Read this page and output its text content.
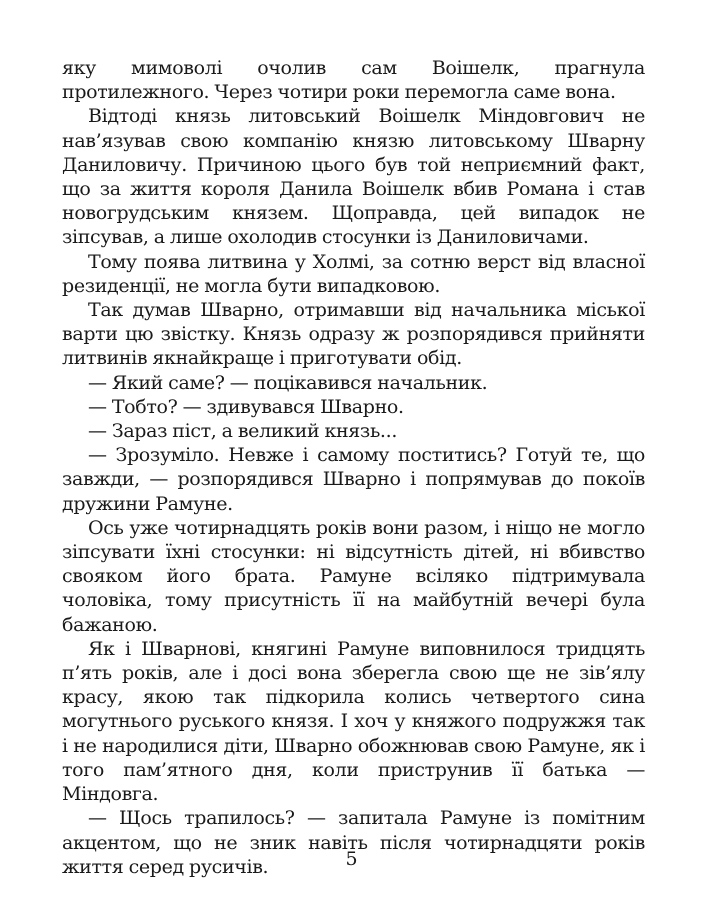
яку мимоволі очолив сам Воішелк, прагнула протилежного. Через чотири роки перемогла саме вона.

Відтоді князь литовський Воішелк Міндовгович не нав’язував свою компанію князю литовському Шварну Даниловичу. Причиною цього був той неприємний факт, що за життя короля Данила Воішелк вбив Романа і став новогрудським князем. Щоправда, цей випадок не зіпсував, а лише охолодив стосунки із Даниловичами.

Тому поява литвина у Холмі, за сотню верст від власної резиденції, не могла бути випадковою.

Так думав Шварно, отримавши від начальника міської варти цю звістку. Князь одразу ж розпорядився прийняти литвинів якнайкраще і приготувати обід.

— Який саме? — поцікавився начальник.

— Тобто? — здивувався Шварно.

— Зараз піст, а великий князь...

— Зрозуміло. Невже і самому поститись? Готуй те, що завжди, — розпорядився Шварно і попрямував до покоїв дружини Рамуне.

Ось уже чотирнадцять років вони разом, і ніщо не могло зіпсувати їхні стосунки: ні відсутність дітей, ні вбивство свояком його брата. Рамуне всіляко підтримувала чоловіка, тому присутність її на майбутній вечері була бажаною.

Як і Шварнові, княгині Рамуне виповнилося тридцять п’ять років, але і досі вона зберегла свою ще не зів’ялу красу, якою так підкорила колись четвертого сина могутнього руського князя. І хоч у княжого подружжя так і не народилися діти, Шварно обожнював свою Рамуне, як і того пам’ятного дня, коли приструнив її батька — Міндовга.

— Щось трапилось? — запитала Рамуне із помітним акцентом, що не зник навіть після чотирнадцяти років життя серед русичів.	5
